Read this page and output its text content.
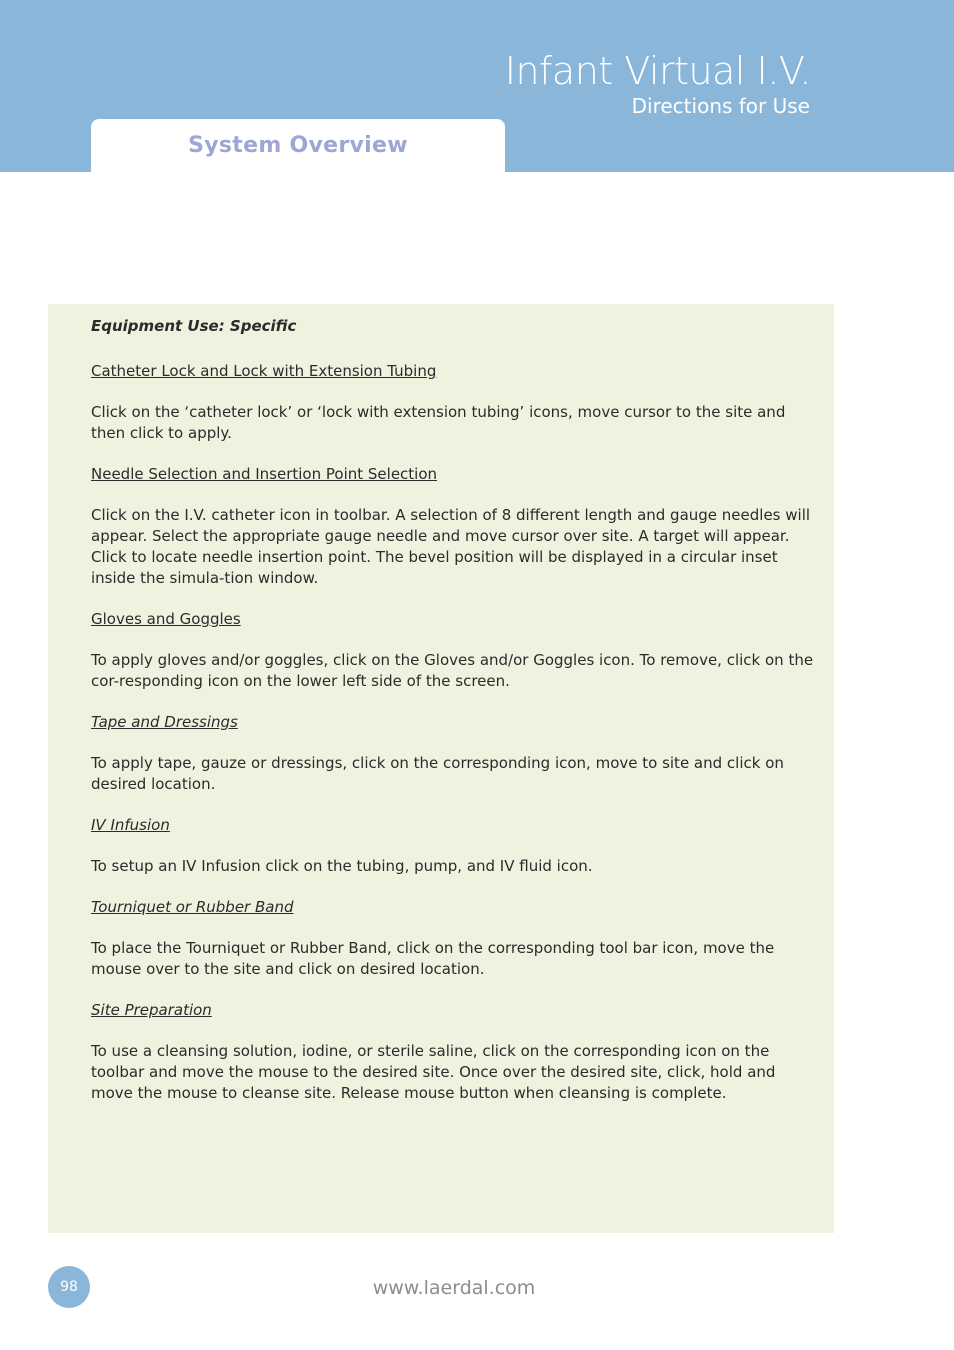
Infant Virtual I.V.
Directions for Use
System Overview

Equipment Use: Specific

Catheter Lock and Lock with Extension Tubing

Click on the ‘catheter lock’ or ‘lock with extension tubing’ icons, move cursor to the site and then click to apply.

Needle Selection and Insertion Point Selection

Click on the I.V. catheter icon in toolbar. A selection of 8 different length and gauge needles will appear. Select the appropriate gauge needle and move cursor over site. A target will appear. Click to locate needle insertion point. The bevel position will be displayed in a circular inset inside the simula-tion window.

Gloves and Goggles

To apply gloves and/or goggles, click on the Gloves and/or Goggles icon. To remove, click on the cor-responding icon on the lower left side of the screen.

Tape and Dressings

To apply tape, gauze or dressings, click on the corresponding icon, move to site and click on desired location.

IV Infusion

To setup an IV Infusion click on the tubing, pump, and IV fluid icon.

Tourniquet or Rubber Band

To place the Tourniquet or Rubber Band, click on the corresponding tool bar icon, move the mouse over to the site and click on desired location.

Site Preparation

To use a cleansing solution, iodine, or sterile saline, click on the corresponding icon on the toolbar and move the mouse to the desired site. Once over the desired site, click, hold and move the mouse to cleanse site. Release mouse button when cleansing is complete.

98	www.laerdal.com
